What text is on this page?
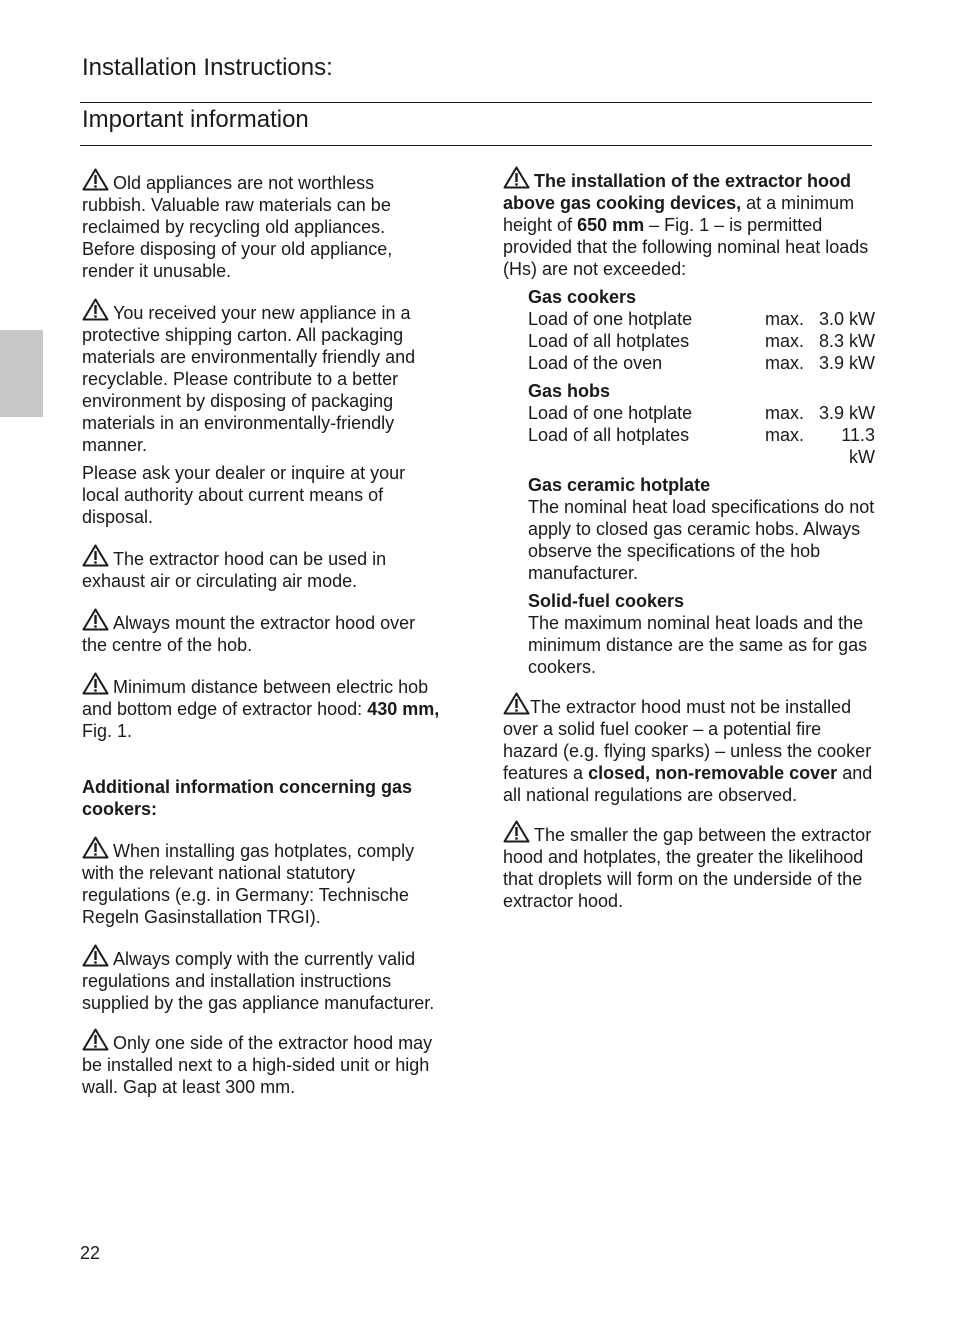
Installation Instructions:
Important information

Old appliances are not worthless rubbish. Valuable raw materials can be reclaimed by recycling old appliances. Before disposing of your old appliance, render it unusable.

You received your new appliance in a protective shipping carton. All packaging materials are environmentally friendly and recyclable. Please contribute to a better environment by disposing of packaging materials in an environmentally-friendly manner.

Please ask your dealer or inquire at your local authority about current means of disposal.

The extractor hood can be used in exhaust air or circulating air mode.

Always mount the extractor hood over the centre of the hob.

Minimum distance between electric hob and bottom edge of extractor hood: 430 mm, Fig. 1.

Additional information concerning gas cookers:

When installing gas hotplates, comply with the relevant national statutory regulations (e.g. in Germany: Technische Regeln Gasinstallation TRGI).

Always comply with the currently valid regulations and installation instructions supplied by the gas appliance manufacturer.

Only one side of the extractor hood may be installed next to a high-sided unit or high wall. Gap at least 300 mm.

The installation of the extractor hood above gas cooking devices, at a minimum height of 650 mm – Fig. 1 – is permitted provided that the following nominal heat loads (Hs) are not exceeded:

Gas cookers
Load of one hotplate	max. 3.0 kW
Load of all hotplates	max. 8.3 kW
Load of the oven	max. 3.9 kW
Gas hobs
Load of one hotplate	max. 3.9 kW
Load of all hotplates	max.	11.3 kW
Gas ceramic hotplate
The nominal heat load specifications do not apply to closed gas ceramic hobs. Always observe the specifications of the hob manufacturer.
Solid-fuel cookers
The maximum nominal heat loads and the minimum distance are the same as for gas cookers.

The extractor hood must not be installed over a solid fuel cooker – a potential fire hazard (e.g. flying sparks) – unless the cooker features a closed, non-removable cover and all national regulations are observed.

The smaller the gap between the extractor hood and hotplates, the greater the likelihood that droplets will form on the underside of the extractor hood.

22
